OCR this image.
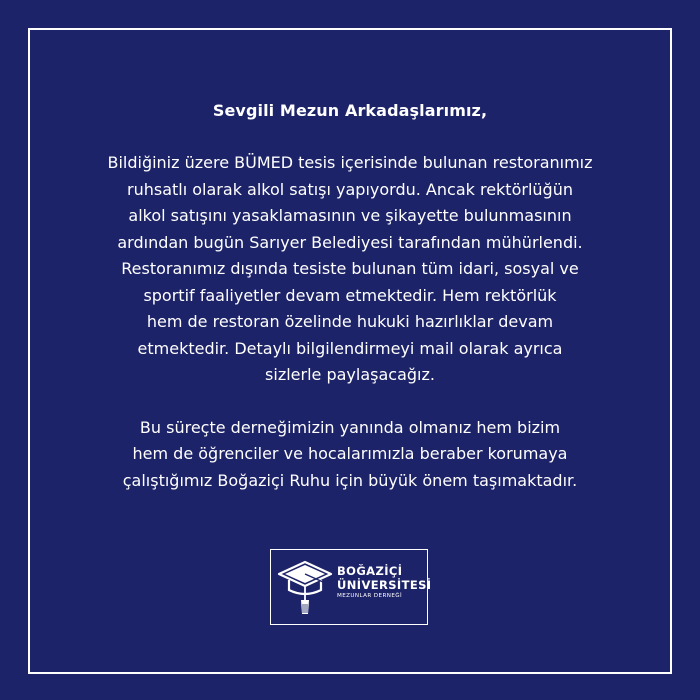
Sevgili Mezun Arkadaşlarımız,
Bildiğiniz üzere BÜMED tesis içerisinde bulunan restoranımız
ruhsatlı olarak alkol satışı yapıyordu. Ancak rektörlüğün
alkol satışını yasaklamasının ve şikayette bulunmasının
ardından bugün Sarıyer Belediyesi tarafından mühürlendi.
Restoranımız dışında tesiste bulunan tüm idari, sosyal ve
sportif faaliyetler devam etmektedir. Hem rektörlük
hem de restoran özelinde hukuki hazırlıklar devam
etmektedir. Detaylı bilgilendirmeyi mail olarak ayrıca
sizlerle paylaşacağız.
Bu süreçte derneğimizin yanında olmanız hem bizim
hem de öğrenciler ve hocalarımızla beraber korumaya
çalıştığımız Boğaziçi Ruhu için büyük önem taşımaktadır.
BOĞAZİÇİ
ÜNİVERSİTESİ
MEZUNLAR DERNEĞİ
